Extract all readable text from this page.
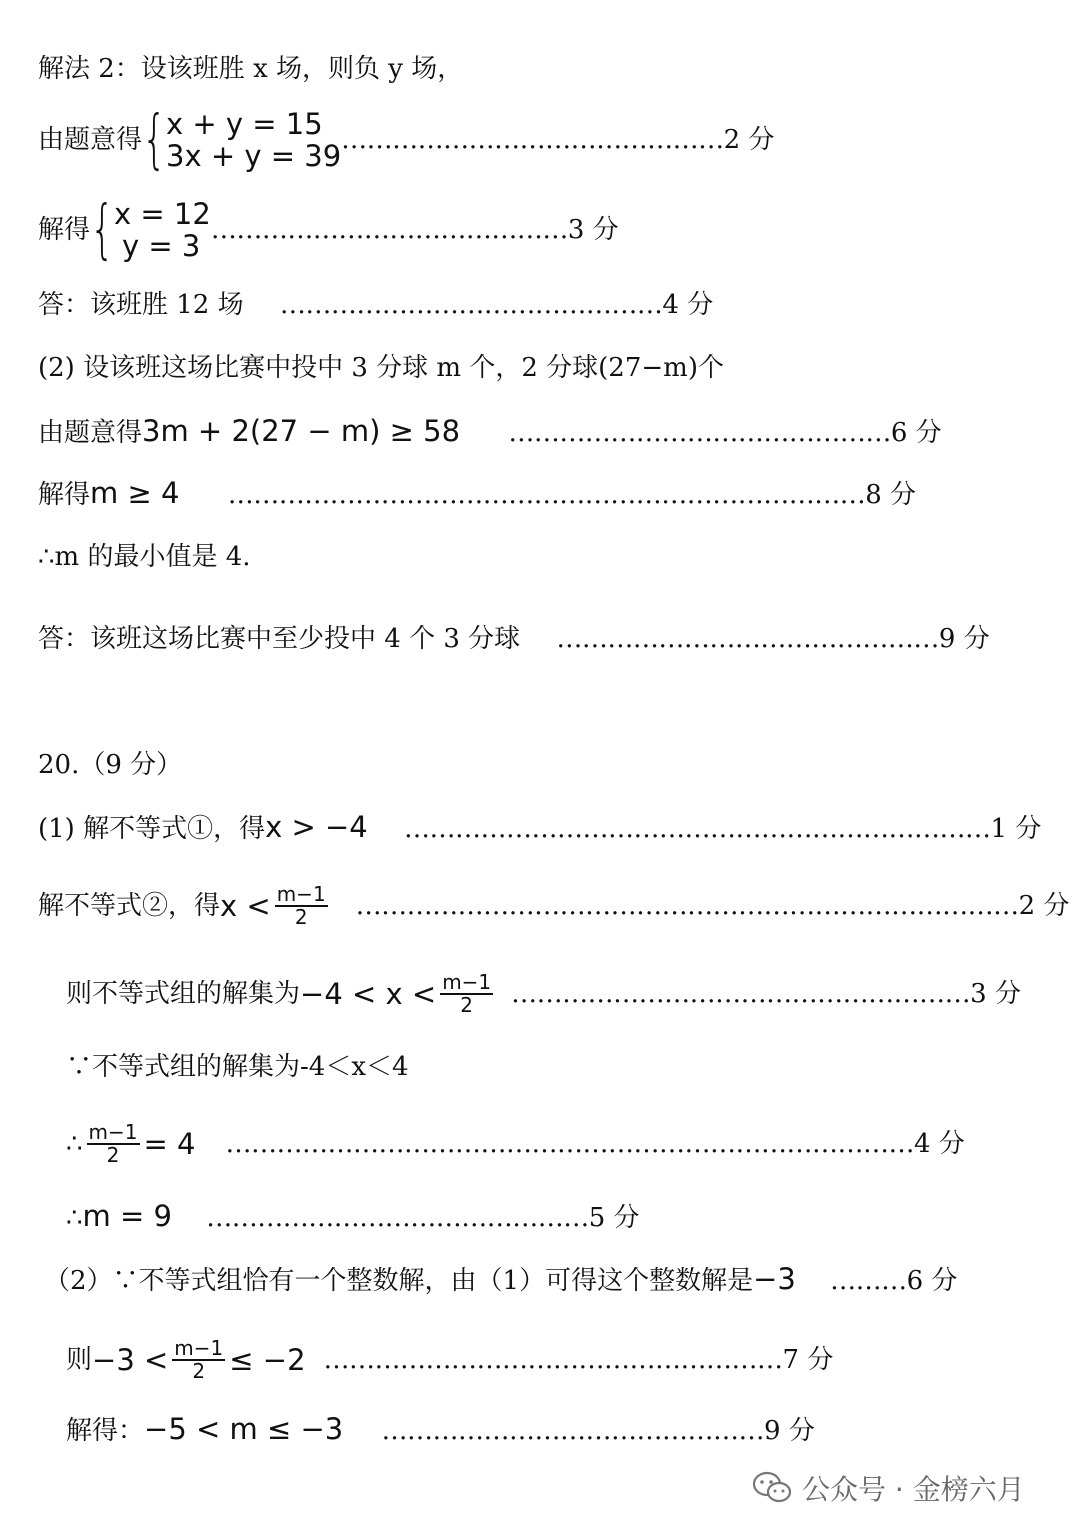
解法 2：设该班胜 x 场，则负 y 场，
由题意得 { x + y = 15
3x + y = 39 ……………………………………… 2 分
解得 { x = 12
y = 3 …………………………………… 3 分
答：该班胜 12 场 ………………………………………4 分
(2) 设该班这场比赛中投中 3 分球 m 个，2 分球(27−m)个
由题意得3m + 2(27 − m) ≥ 58 ………………………………………6 分
解得m ≥ 4 …………………………………………………………………8 分
∴m 的最小值是 4.
答：该班这场比赛中至少投中 4 个 3 分球 ………………………………………9 分
20.（9 分）
(1) 解不等式①，得x > −4 ……………………………………………………………1 分
解不等式②，得 $x < \frac{m-1}{2}$ …………………………………………………………………… 2 分
则不等式组的解集为 $-4 < x < \frac{m-1}{2}$ ……………………………………………… 3 分
∵不等式组的解集为-4＜x＜4
∴ $\frac{m-1}{2} = 4$ ……………………………………………………………………… 4 分
∴m = 9 ………………………………………5 分
（2）∵不等式组恰有一个整数解，由（1）可得这个整数解是−3 ………6 分
则 $-3 < \frac{m-1}{2} \le -2$ ……………………………………………… 7 分
解得：−5 < m ≤ −3 ………………………………………9 分
公众号 · 金榜六月
